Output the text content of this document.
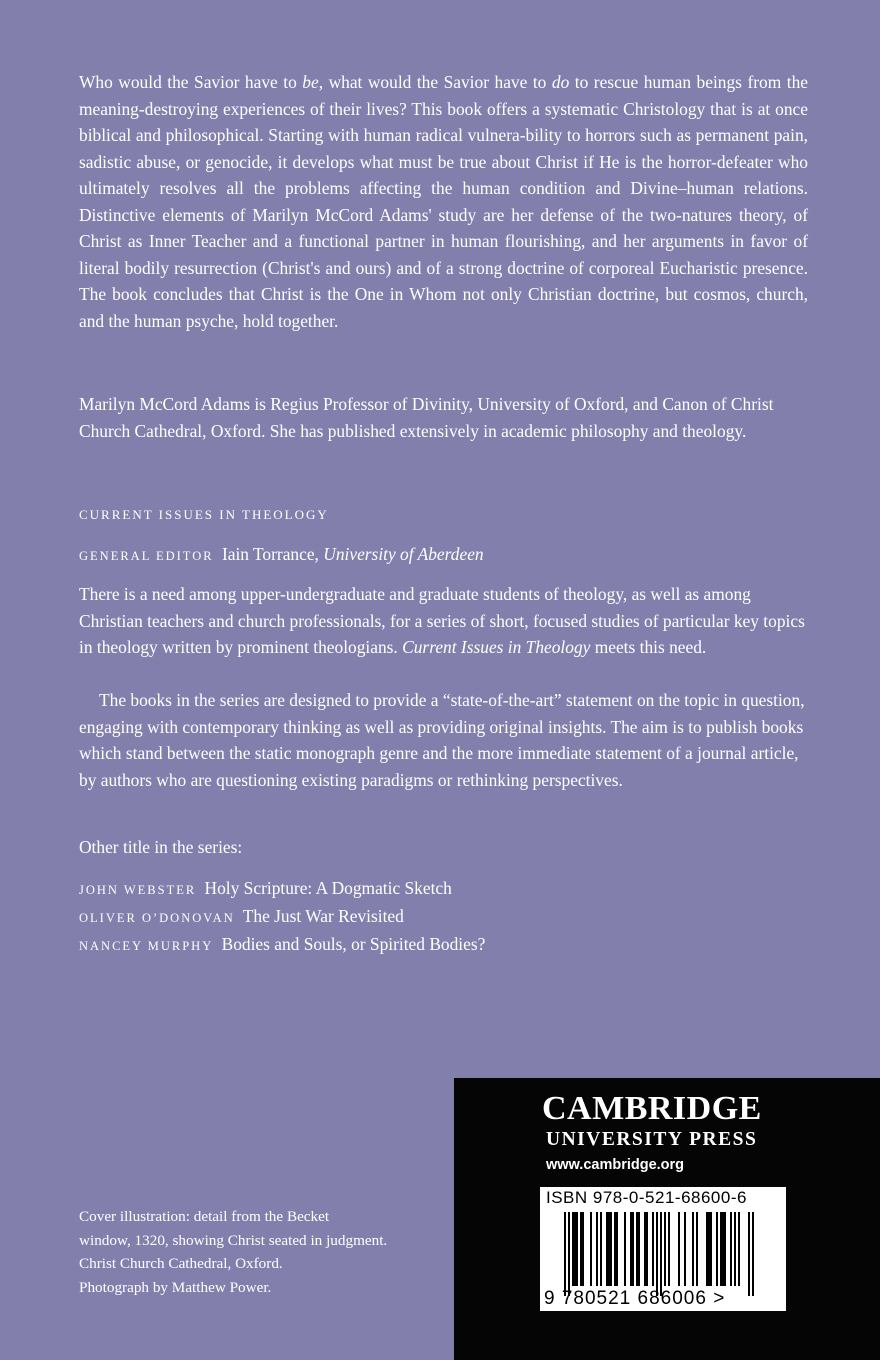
Who would the Savior have to be, what would the Savior have to do to rescue human beings from the meaning-destroying experiences of their lives? This book offers a systematic Christology that is at once biblical and philosophical. Starting with human radical vulnera-bility to horrors such as permanent pain, sadistic abuse, or genocide, it develops what must be true about Christ if He is the horror-defeater who ultimately resolves all the problems affecting the human condition and Divine–human relations. Distinctive elements of Marilyn McCord Adams' study are her defense of the two-natures theory, of Christ as Inner Teacher and a functional partner in human flourishing, and her arguments in favor of literal bodily resurrection (Christ's and ours) and of a strong doctrine of corporeal Eucharistic presence. The book concludes that Christ is the One in Whom not only Christian doctrine, but cosmos, church, and the human psyche, hold together.

Marilyn McCord Adams is Regius Professor of Divinity, University of Oxford, and Canon of Christ Church Cathedral, Oxford. She has published extensively in academic philosophy and theology.

CURRENT ISSUES IN THEOLOGY
GENERAL EDITOR Iain Torrance, University of Aberdeen

There is a need among upper-undergraduate and graduate students of theology, as well as among Christian teachers and church professionals, for a series of short, focused studies of particular key topics in theology written by prominent theologians. Current Issues in Theology meets this need.

The books in the series are designed to provide a “state-of-the-art” statement on the topic in question, engaging with contemporary thinking as well as providing original insights. The aim is to publish books which stand between the static monograph genre and the more immediate statement of a journal article, by authors who are questioning existing paradigms or rethinking perspectives.

Other title in the series:
JOHN WEBSTER Holy Scripture: A Dogmatic Sketch
OLIVER O’DONOVAN The Just War Revisited
NANCEY MURPHY Bodies and Souls, or Spirited Bodies?
Cover illustration: detail from the Becket
window, 1320, showing Christ seated in judgment.
Christ Church Cathedral, Oxford.
Photograph by Matthew Power.
CAMBRIDGE
UNIVERSITY PRESS
www.cambridge.org
ISBN 978-0-521-68600-6
9 780521 686006 >
